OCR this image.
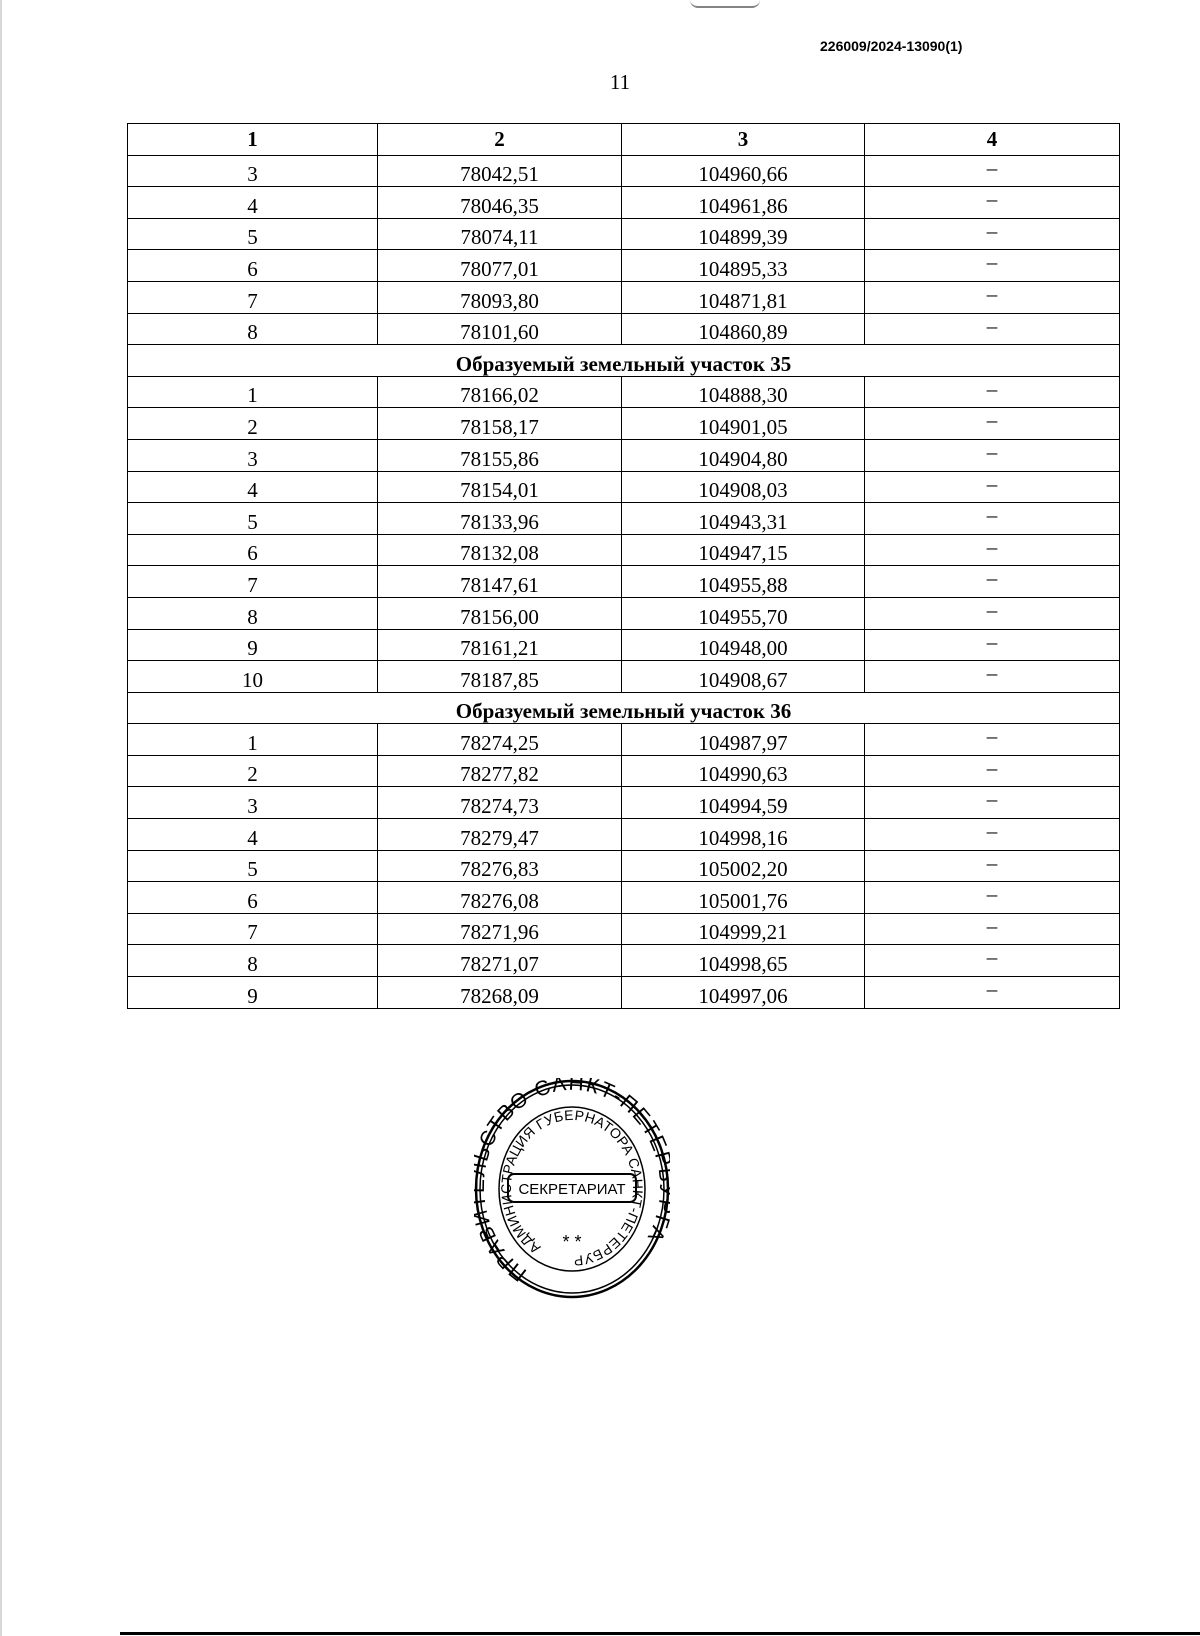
226009/2024-13090(1)
11
1	2	3	4
3	78042,51	104960,66	–
4	78046,35	104961,86	–
5	78074,11	104899,39	–
6	78077,01	104895,33	–
7	78093,80	104871,81	–
8	78101,60	104860,89	–
Образуемый земельный участок 35			
1	78166,02	104888,30	–
2	78158,17	104901,05	–
3	78155,86	104904,80	–
4	78154,01	104908,03	–
5	78133,96	104943,31	–
6	78132,08	104947,15	–
7	78147,61	104955,88	–
8	78156,00	104955,70	–
9	78161,21	104948,00	–
10	78187,85	104908,67	–
Образуемый земельный участок 36			
1	78274,25	104987,97	–
2	78277,82	104990,63	–
3	78274,73	104994,59	–
4	78279,47	104998,16	–
5	78276,83	105002,20	–
6	78276,08	105001,76	–
7	78271,96	104999,21	–
8	78271,07	104998,65	–
9	78268,09	104997,06	–
ПРАВ СТВО САНКТ-ПЕТЕ А
АДМИНИСТРАЦИЯ ГУБЕРНАТОРА САНКТ-ПЕТЕРБУР
СЕКРЕТАРИАТ
* *
